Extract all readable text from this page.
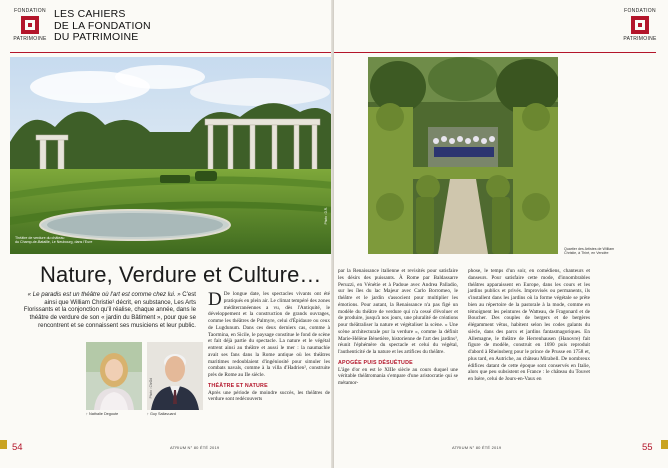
FONDATION
PATRIMOINE
LES CAHIERS
DE LA FONDATION
DU PATRIMOINE
Théâtre de verdure du château
du Champ-de-Bataille, Le Neubourg, dans l'Eure
Photo : D.R.
Nature, Verdure et Culture…

« Le paradis est un théâtre où l'art est comme chez lui. » C'est ainsi que William Christie¹ décrit, en substance, Les Arts Florissants et la conjonction qu'il réalise, chaque année, dans le théâtre de verdure de son « jardin du Bâtiment », pour que se rencontrent et se connaissent ses musiciens et leur public.

↑ Nathalie Degoute
Photo : ChrOd
↑ Guy Sallavuard

D De longue date, les spectacles vivants ont été pratiqués en plein air. Le climat tempéré des zones méditerranéennes a vu, dès l'Antiquité, le développement et la construction de grands ouvrages, comme les théâtres de Palmyre, celui d'Épidaure ou ceux de Lugdunum. Dans ces deux derniers cas, comme à Taormina, en Sicile, le paysage constitue le fond de scène et fait déjà partie du spectacle. La nature et le végétal entrent ainsi au théâtre et aussi le mer : la naumachie avait ses fans dans la Rome antique où les théâtres maritimes redoublaient d'ingéniosité pour simuler les combats navals, comme à la villa d'Hadrien², construite près de Rome au IIe siècle.

THÉÂTRE ET NATURE

Après une période de moindre succès, les théâtres de verdure sont redécouverts

54	ATRIUM N° 80 ÉTÉ 2019
FONDATION
PATRIMOINE
Quartier des Artistes de William
Christie, à Thiré, en Vendée

par la Renaissance italienne et revisités pour satisfaire les désirs des puissants. À Rome par Baldassarre Peruzzi, en Vénétie et à Padoue avec Andrea Palladio, sur les îles du lac Majeur avec Carlo Borromeo, le théâtre et le jardin s'associent pour multiplier les émotions. Pour autant, la Renaissance n'a pas figé un modèle du théâtre de verdure qui n'a cessé d'évoluer et de produire, jusqu'à nos jours, une pluralité de créations pour théâtraliser la nature et végétaliser la scène. « Une scène architecturale pur la verdure », comme la définit Marie-Hélène Bénetière, historienne de l'art des jardins³, réunit l'éphémère du spectacle et celui du végétal, l'authenticité de la nature et les artifices du théâtre.

APOGÉE PUIS DÉSUÉTUDE

L'âge d'or en est le XIIIe siècle au cours duquel une véritable théâtromania s'empare d'une aristocratie qui se métamor-

phose, le temps d'un soir, en comédiens, chanteurs et danseurs. Pour satisfaire cette mode, d'innombrables théâtres apparaissent en Europe, dans les cours et les jardins publics et privés. Improvisés ou permanents, ils s'installent dans les jardins où la forme végétale se prête bien au répertoire de la pastorale à la mode, comme en témoignent les peintures de Watteau, de Fragonard et de Boucher. Des couples de bergers et de bergères élégamment vêtus, habitent selon les codes galants du siècle, dans des parcs et jardins fantasmagoriques. En Allemagne, le théâtre de Herrenhausen (Hanovre) fait figure de modèle, construit en 1690 puis reproduit d'abord à Rheinsberg pour le prince de Prusse en 1758 et, plus tard, en Autriche, au château Mirabell. De nombreux édifices datant de cette époque sont conservés en Italie, alors que peu subsistent en France : le château du Touvet en Isère, celui de Jours-en-Vaux en

ATRIUM N° 80 ÉTÉ 2019	55
